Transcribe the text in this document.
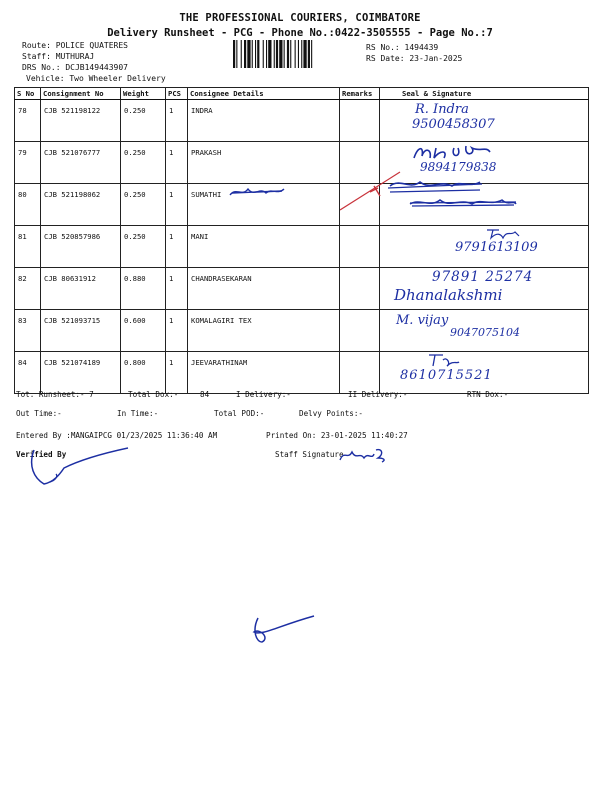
THE PROFESSIONAL COURIERS, COIMBATORE
Delivery Runsheet - PCG - Phone No.:0422-3505555 - Page No.:7
Route: POLICE QUATERES
Staff: MUTHURAJ
DRS No.: DCJB149443907
Vehicle: Two Wheeler Delivery
RS No.: 1494439
RS Date: 23-Jan-2025
S No	Consignment No	Weight	PCS	Consignee Details	Remarks	Seal & Signature
78	CJB 521198122	0.250	1	INDRA		R. Indra
9500458307

79	CJB 521076777	0.250	1	PRAKASH		9894179838

80	CJB 521198062	0.250	1	SUMATHI

81	CJB 520857986	0.250	1	MANI		9791613109

82	CJB 80631912	0.880	1	CHANDRASEKARAN		97891 25274
Dhanalakshmi

83	CJB 521093715	0.600	1	KOMALAGIRI TEX		M. vijay
9047075104

84	CJB 521074189	0.800	1	JEEVARATHINAM		8610715521
Tot. Runsheet:- 7	Total Dox:-	84	I Delivery:-	II Delivery:-	RTN Dox:-
Out Time:-	In Time:-	Total POD:-	Delvy Points:-
Entered By :MANGAIPCG 01/23/2025 11:36:40 AM	Printed On: 23-01-2025 11:40:27
Verified By	Staff Signature
